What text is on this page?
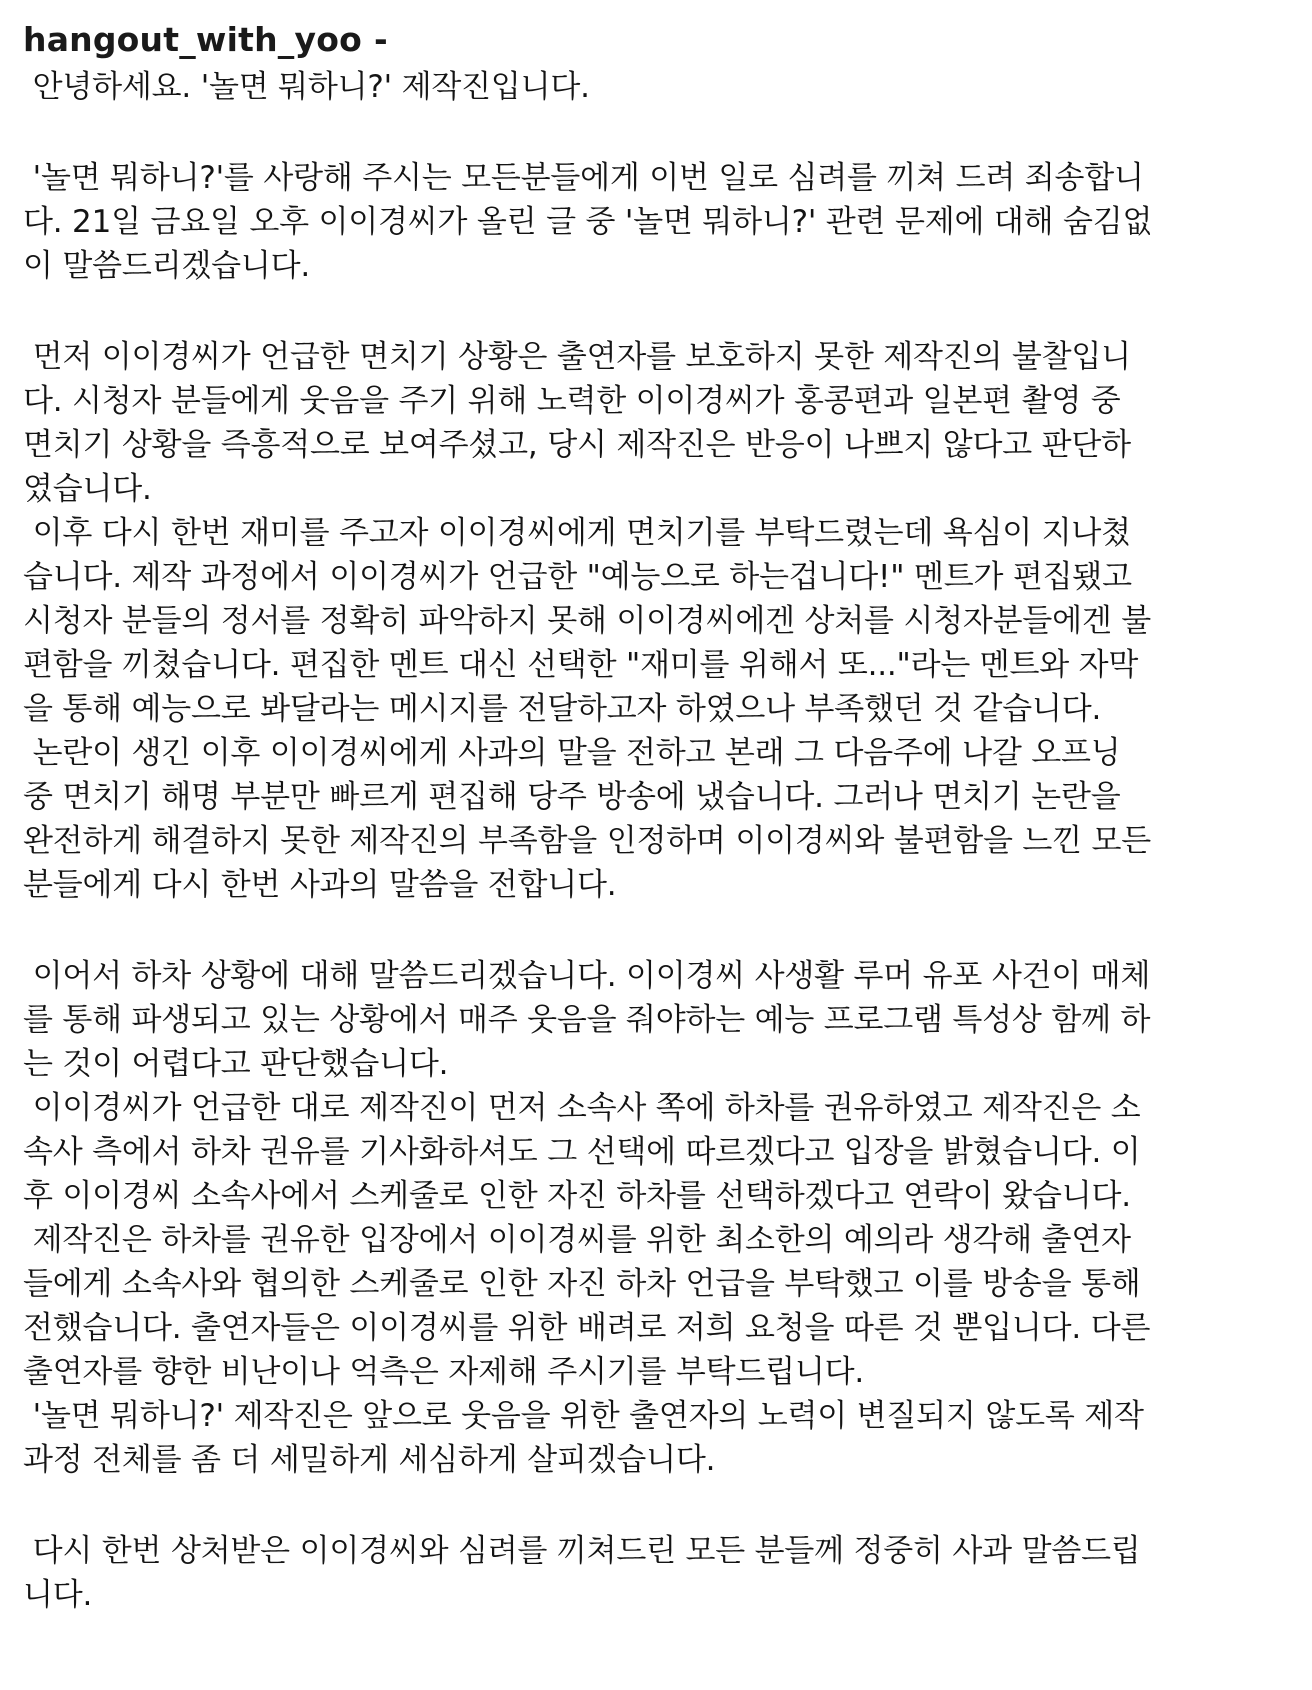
hangout_with_yoo -
안녕하세요. '놀면 뭐하니?' 제작진입니다.
'놀면 뭐하니?'를 사랑해 주시는 모든분들에게 이번 일로 심려를 끼쳐 드려 죄송합니
다. 21일 금요일 오후 이이경씨가 올린 글 중 '놀면 뭐하니?' 관련 문제에 대해 숨김없
이 말씀드리겠습니다.
먼저 이이경씨가 언급한 면치기 상황은 출연자를 보호하지 못한 제작진의 불찰입니
다. 시청자 분들에게 웃음을 주기 위해 노력한 이이경씨가 홍콩편과 일본편 촬영 중
면치기 상황을 즉흥적으로 보여주셨고, 당시 제작진은 반응이 나쁘지 않다고 판단하
였습니다.
이후 다시 한번 재미를 주고자 이이경씨에게 면치기를 부탁드렸는데 욕심이 지나쳤
습니다. 제작 과정에서 이이경씨가 언급한 "예능으로 하는겁니다!" 멘트가 편집됐고
시청자 분들의 정서를 정확히 파악하지 못해 이이경씨에겐 상처를 시청자분들에겐 불
편함을 끼쳤습니다. 편집한 멘트 대신 선택한 "재미를 위해서 또..."라는 멘트와 자막
을 통해 예능으로 봐달라는 메시지를 전달하고자 하였으나 부족했던 것 같습니다.
논란이 생긴 이후 이이경씨에게 사과의 말을 전하고 본래 그 다음주에 나갈 오프닝
중 면치기 해명 부분만 빠르게 편집해 당주 방송에 냈습니다. 그러나 면치기 논란을
완전하게 해결하지 못한 제작진의 부족함을 인정하며 이이경씨와 불편함을 느낀 모든
분들에게 다시 한번 사과의 말씀을 전합니다.
이어서 하차 상황에 대해 말씀드리겠습니다. 이이경씨 사생활 루머 유포 사건이 매체
를 통해 파생되고 있는 상황에서 매주 웃음을 줘야하는 예능 프로그램 특성상 함께 하
는 것이 어렵다고 판단했습니다.
이이경씨가 언급한 대로 제작진이 먼저 소속사 쪽에 하차를 권유하였고 제작진은 소
속사 측에서 하차 권유를 기사화하셔도 그 선택에 따르겠다고 입장을 밝혔습니다. 이
후 이이경씨 소속사에서 스케줄로 인한 자진 하차를 선택하겠다고 연락이 왔습니다.
제작진은 하차를 권유한 입장에서 이이경씨를 위한 최소한의 예의라 생각해 출연자
들에게 소속사와 협의한 스케줄로 인한 자진 하차 언급을 부탁했고 이를 방송을 통해
전했습니다. 출연자들은 이이경씨를 위한 배려로 저희 요청을 따른 것 뿐입니다. 다른
출연자를 향한 비난이나 억측은 자제해 주시기를 부탁드립니다.
'놀면 뭐하니?' 제작진은 앞으로 웃음을 위한 출연자의 노력이 변질되지 않도록 제작
과정 전체를 좀 더 세밀하게 세심하게 살피겠습니다.
다시 한번 상처받은 이이경씨와 심려를 끼쳐드린 모든 분들께 정중히 사과 말씀드립
니다.
